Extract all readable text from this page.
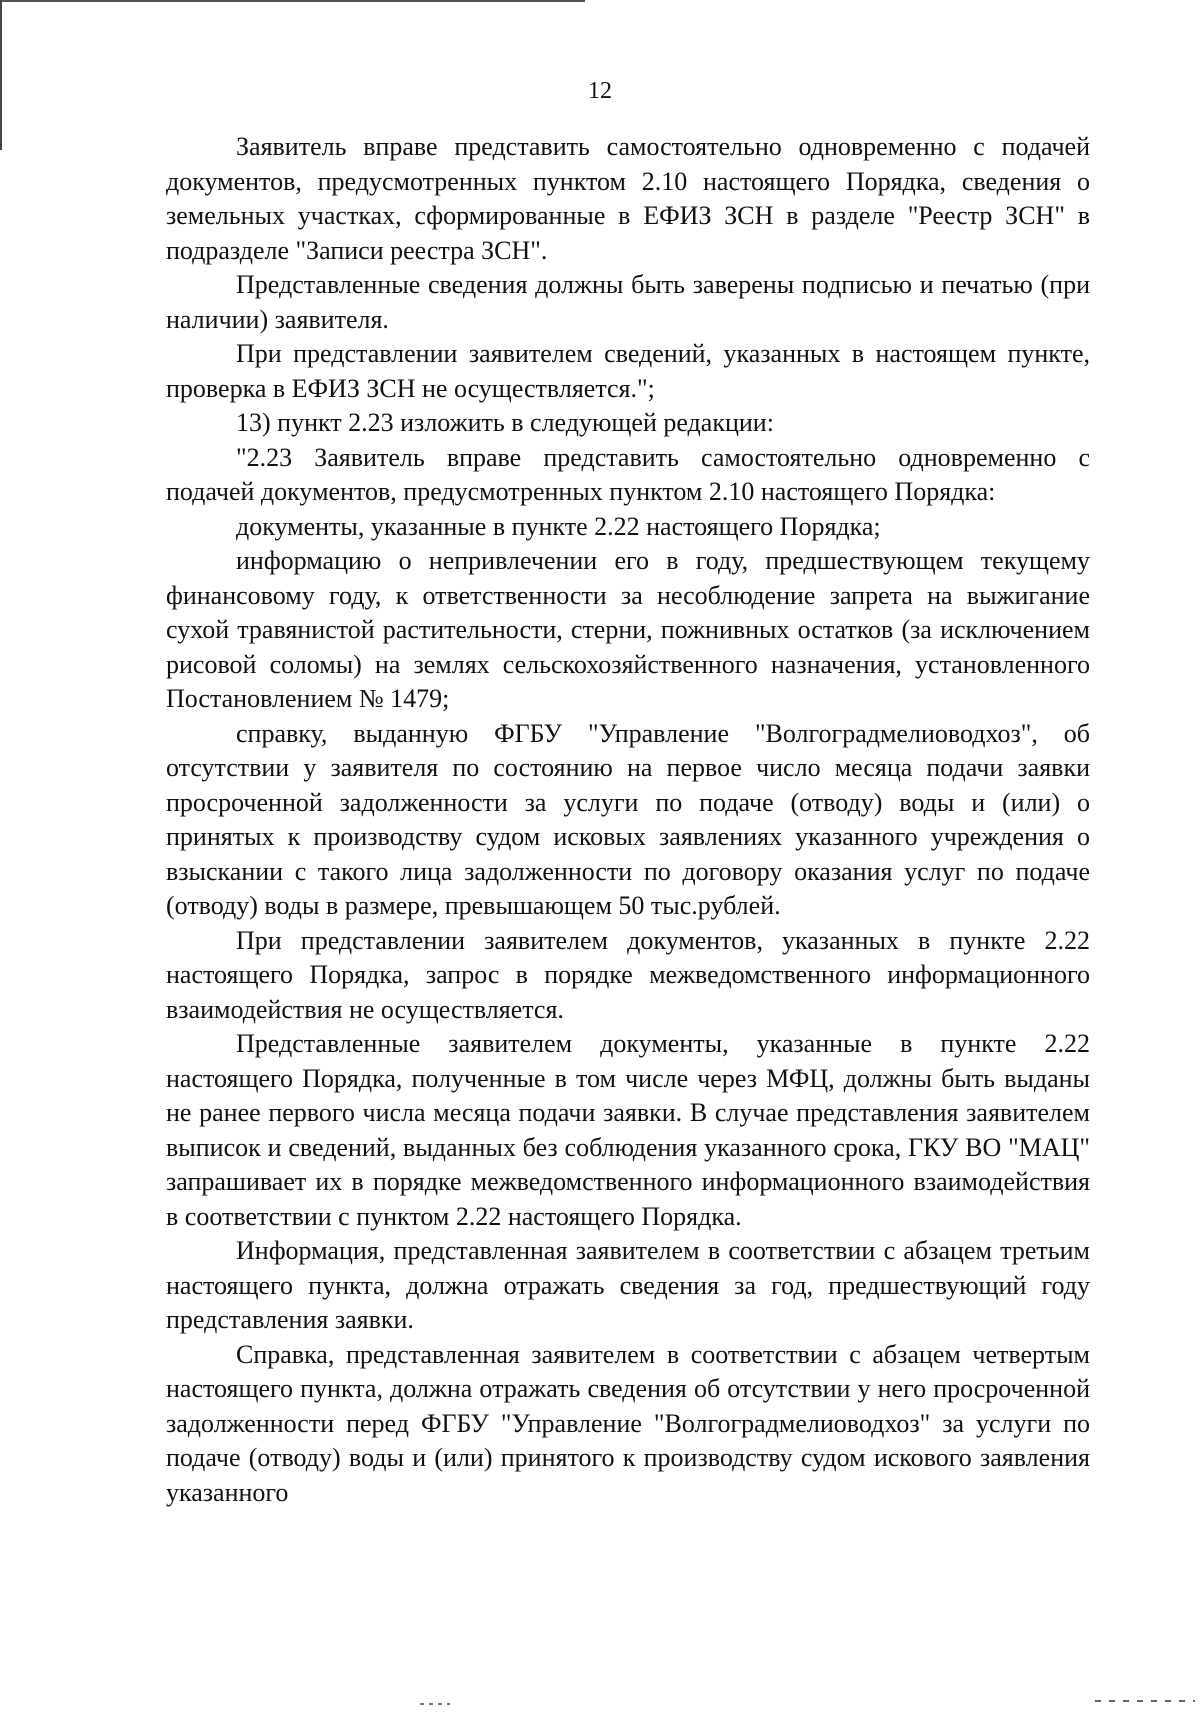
12

Заявитель вправе представить самостоятельно одновременно с подачей документов, предусмотренных пунктом 2.10 настоящего Порядка, сведения о земельных участках, сформированные в ЕФИЗ ЗСН в разделе "Реестр ЗСН" в подразделе "Записи реестра ЗСН".

Представленные сведения должны быть заверены подписью и печатью (при наличии) заявителя.

При представлении заявителем сведений, указанных в настоящем пункте, проверка в ЕФИЗ ЗСН не осуществляется.";

13) пункт 2.23 изложить в следующей редакции:

"2.23 Заявитель вправе представить самостоятельно одновременно с подачей документов, предусмотренных пунктом 2.10 настоящего Порядка:

документы, указанные в пункте 2.22 настоящего Порядка;

информацию о непривлечении его в году, предшествующем текущему финансовому году, к ответственности за несоблюдение запрета на выжигание сухой травянистой растительности, стерни, пожнивных остатков (за исключением рисовой соломы) на землях сельскохозяйственного назначения, установленного Постановлением № 1479;

справку, выданную ФГБУ "Управление "Волгоградмелиоводхоз", об отсутствии у заявителя по состоянию на первое число месяца подачи заявки просроченной задолженности за услуги по подаче (отводу) воды и (или) о принятых к производству судом исковых заявлениях указанного учреждения о взыскании с такого лица задолженности по договору оказания услуг по подаче (отводу) воды в размере, превышающем 50 тыс.рублей.

При представлении заявителем документов, указанных в пункте 2.22 настоящего Порядка, запрос в порядке межведомственного информационного взаимодействия не осуществляется.

Представленные заявителем документы, указанные в пункте 2.22 настоящего Порядка, полученные в том числе через МФЦ, должны быть выданы не ранее первого числа месяца подачи заявки. В случае представления заявителем выписок и сведений, выданных без соблюдения указанного срока, ГКУ ВО "МАЦ" запрашивает их в порядке межведомственного информационного взаимодействия в соответствии с пунктом 2.22 настоящего Порядка.

Информация, представленная заявителем в соответствии с абзацем третьим настоящего пункта, должна отражать сведения за год, предшествующий году представления заявки.

Справка, представленная заявителем в соответствии с абзацем четвертым настоящего пункта, должна отражать сведения об отсутствии у него просроченной задолженности перед ФГБУ "Управление "Волгоградмелиоводхоз" за услуги по подаче (отводу) воды и (или) принятого к производству судом искового заявления указанного
